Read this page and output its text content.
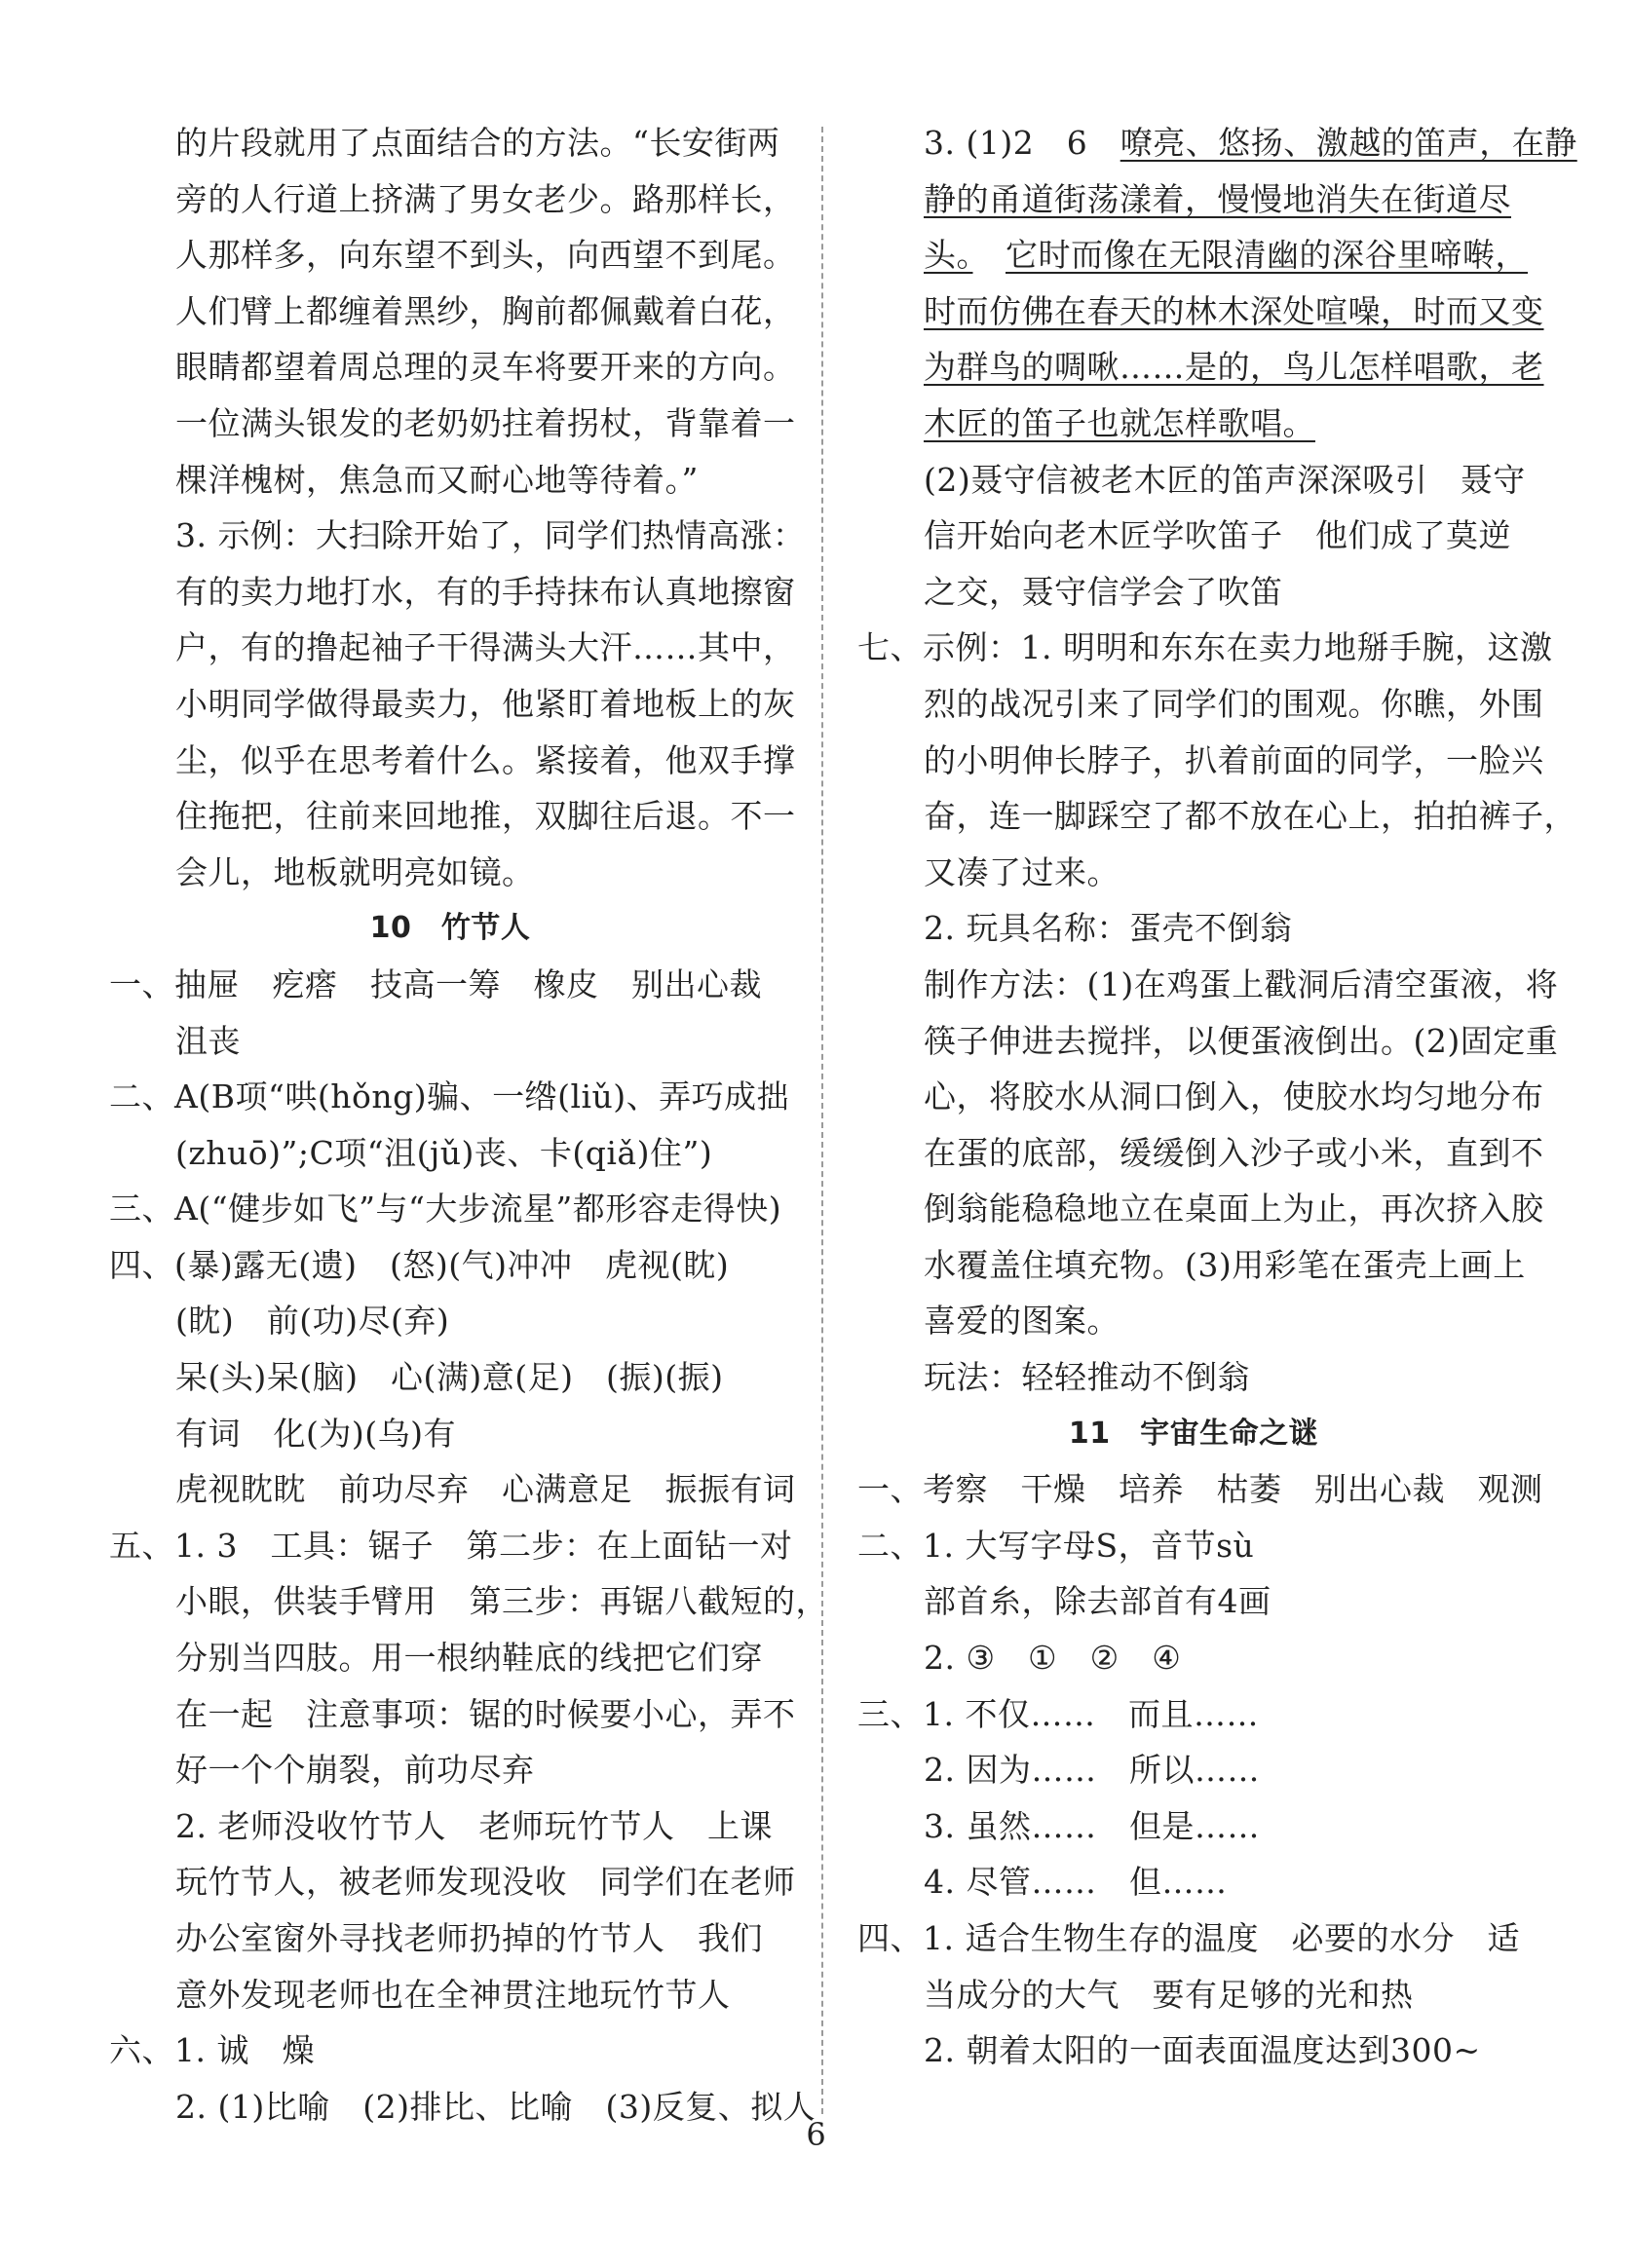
的片段就用了点面结合的方法。“长安街两
旁的人行道上挤满了男女老少。路那样长，
人那样多，向东望不到头，向西望不到尾。
人们臂上都缠着黑纱，胸前都佩戴着白花，
眼睛都望着周总理的灵车将要开来的方向。
一位满头银发的老奶奶拄着拐杖，背靠着一
棵洋槐树，焦急而又耐心地等待着。”
3. 示例：大扫除开始了，同学们热情高涨：
有的卖力地打水，有的手持抹布认真地擦窗
户，有的撸起袖子干得满头大汗……其中，
小明同学做得最卖力，他紧盯着地板上的灰
尘，似乎在思考着什么。紧接着，他双手撑
住拖把，往前来回地推，双脚往后退。不一
会儿，地板就明亮如镜。
10　竹节人
一、抽屉　疙瘩　技高一筹　橡皮　别出心裁
沮丧
二、A(B项“哄(hǒng)骗、一绺(liǔ)、弄巧成拙
(zhuō)”;C项“沮(jǔ)丧、卡(qiǎ)住”)
三、A(“健步如飞”与“大步流星”都形容走得快)
四、(暴)露无(遗)　(怒)(气)冲冲　虎视(眈)
(眈)　前(功)尽(弃)
呆(头)呆(脑)　心(满)意(足)　(振)(振)
有词　化(为)(乌)有
虎视眈眈　前功尽弃　心满意足　振振有词
五、1. 3　工具：锯子　第二步：在上面钻一对
小眼，供装手臂用　第三步：再锯八截短的，
分别当四肢。用一根纳鞋底的线把它们穿
在一起　注意事项：锯的时候要小心，弄不
好一个个崩裂，前功尽弃
2. 老师没收竹节人　老师玩竹节人　上课
玩竹节人，被老师发现没收　同学们在老师
办公室窗外寻找老师扔掉的竹节人　我们
意外发现老师也在全神贯注地玩竹节人
六、1. 诚　燥
2. (1)比喻　(2)排比、比喻　(3)反复、拟人
3. (1)2　6　嘹亮、悠扬、激越的笛声，在静
静的甬道街荡漾着，慢慢地消失在街道尽
头。　 它时而像在无限清幽的深谷里啼啭，
时而仿佛在春天的林木深处喧噪，时而又变
为群鸟的啁啾……是的，鸟儿怎样唱歌，老
木匠的笛子也就怎样歌唱。
(2)聂守信被老木匠的笛声深深吸引　聂守
信开始向老木匠学吹笛子　他们成了莫逆
之交，聂守信学会了吹笛
七、示例：1. 明明和东东在卖力地掰手腕，这激
烈的战况引来了同学们的围观。你瞧，外围
的小明伸长脖子，扒着前面的同学，一脸兴
奋，连一脚踩空了都不放在心上，拍拍裤子，
又凑了过来。
2. 玩具名称：蛋壳不倒翁
制作方法：(1)在鸡蛋上戳洞后清空蛋液，将
筷子伸进去搅拌，以便蛋液倒出。(2)固定重
心，将胶水从洞口倒入，使胶水均匀地分布
在蛋的底部，缓缓倒入沙子或小米，直到不
倒翁能稳稳地立在桌面上为止，再次挤入胶
水覆盖住填充物。(3)用彩笔在蛋壳上画上
喜爱的图案。
玩法：轻轻推动不倒翁
11　宇宙生命之谜
一、考察　干燥　培养　枯萎　别出心裁　观测
二、1. 大写字母S，音节sù
部首糸，除去部首有4画
2. ③　①　②　④
三、1. 不仅……　而且……
2. 因为……　所以……
3. 虽然……　但是……
4. 尽管……　但……
四、1. 适合生物生存的温度　必要的水分　适
当成分的大气　要有足够的光和热
2. 朝着太阳的一面表面温度达到300~
6
